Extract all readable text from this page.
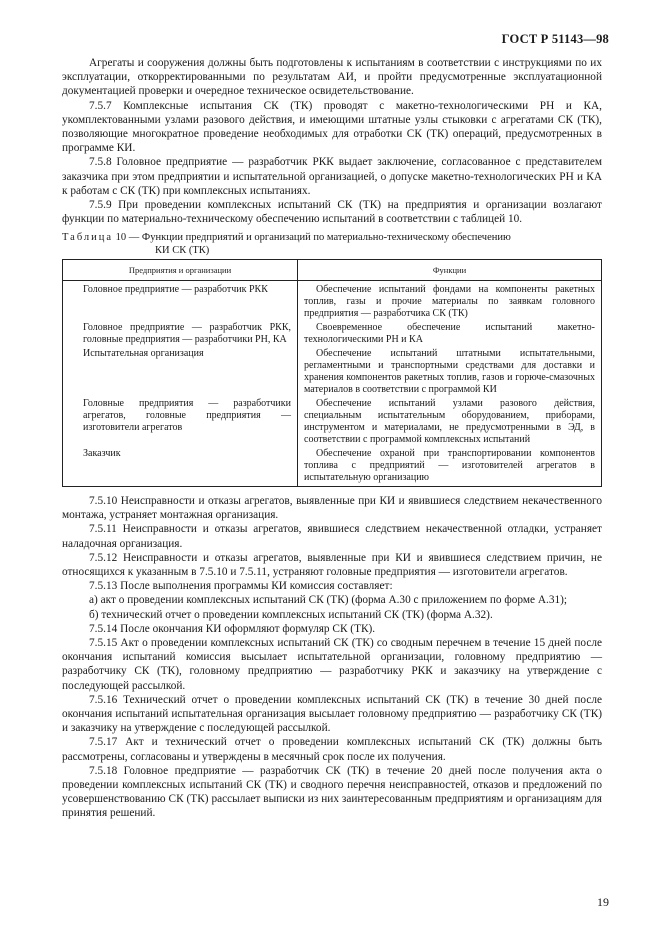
ГОСТ Р 51143—98

Агрегаты и сооружения должны быть подготовлены к испытаниям в соответствии с инструкциями по их эксплуатации, откорректированными по результатам АИ, и пройти предусмотренные эксплуатационной документацией проверки и очередное техническое освидетельствование.

7.5.7 Комплексные испытания СК (ТК) проводят с макетно-технологическими РН и КА, укомплектованными узлами разового действия, и имеющими штатные узлы стыковки с агрегатами СК (ТК), позволяющие многократное проведение необходимых для отработки СК (ТК) операций, предусмотренных в программе КИ.

7.5.8 Головное предприятие — разработчик РКК выдает заключение, согласованное с представителем заказчика при этом предприятии и испытательной организацией, о допуске макетно-технологических РН и КА к работам с СК (ТК) при комплексных испытаниях.

7.5.9 При проведении комплексных испытаний СК (ТК) на предприятия и организации возлагают функции по материально-техническому обеспечению испытаний в соответствии с таблицей 10.

Таблица 10 — Функции предприятий и организаций по материально-техническому обеспечению
КИ СК (ТК)
Предприятия и организации	Функции

Головное предприятие — разработчик РКК	Обеспечение испытаний фондами на компоненты ракетных топлив, газы и прочие материалы по заявкам головного предприятия — разработчика СК (ТК)

Головное предприятие — разработчик РКК, головные предприятия — разработчики РН, КА	Своевременное обеспечение испытаний макетно-технологическими РН и КА

Испытательная организация	Обеспечение испытаний штатными испытательными, регламентными и транспортными средствами для доставки и хранения компонентов ракетных топлив, газов и горюче-смазочных материалов в соответствии с программой КИ

Головные предприятия — разработчики агрегатов, головные предприятия — изготовители агрегатов	Обеспечение испытаний узлами разового действия, специальным испытательным оборудованием, приборами, инструментом и материалами, не предусмотренными в ЭД, в соответствии с программой комплексных испытаний

Заказчик	Обеспечение охраной при транспортировании компонентов топлива с предприятий — изготовителей агрегатов в испытательную организацию

7.5.10 Неисправности и отказы агрегатов, выявленные при КИ и явившиеся следствием некачественного монтажа, устраняет монтажная организация.

7.5.11 Неисправности и отказы агрегатов, явившиеся следствием некачественной отладки, устраняет наладочная организация.

7.5.12 Неисправности и отказы агрегатов, выявленные при КИ и явившиеся следствием причин, не относящихся к указанным в 7.5.10 и 7.5.11, устраняют головные предприятия — изготовители агрегатов.

7.5.13 После выполнения программы КИ комиссия составляет:

а) акт о проведении комплексных испытаний СК (ТК) (форма А.30 с приложением по форме А.31);

б) технический отчет о проведении комплексных испытаний СК (ТК) (форма А.32).

7.5.14 После окончания КИ оформляют формуляр СК (ТК).

7.5.15 Акт о проведении комплексных испытаний СК (ТК) со сводным перечнем в течение 15 дней после окончания испытаний комиссия высылает испытательной организации, головному предприятию — разработчику СК (ТК), головному предприятию — разработчику РКК и заказчику на утверждение с последующей рассылкой.

7.5.16 Технический отчет о проведении комплексных испытаний СК (ТК) в течение 30 дней после окончания испытаний испытательная организация высылает головному предприятию — разработчику СК (ТК) и заказчику на утверждение с последующей рассылкой.

7.5.17 Акт и технический отчет о проведении комплексных испытаний СК (ТК) должны быть рассмотрены, согласованы и утверждены в месячный срок после их получения.

7.5.18 Головное предприятие — разработчик СК (ТК) в течение 20 дней после получения акта о проведении комплексных испытаний СК (ТК) и сводного перечня неисправностей, отказов и предложений по усовершенствованию СК (ТК) рассылает выписки из них заинтересованным предприятиям и организациям для принятия решений.

19
